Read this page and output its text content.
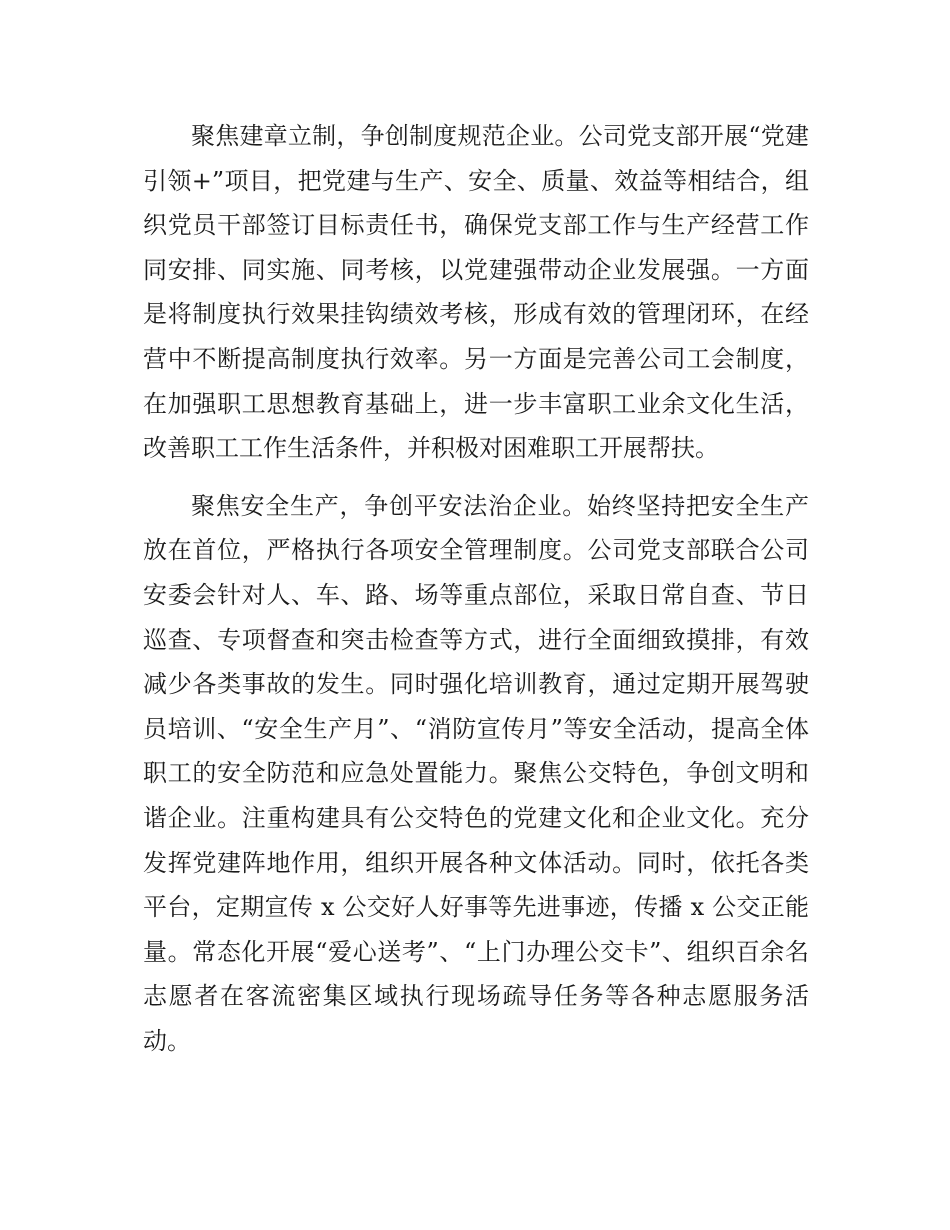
聚焦建章立制，争创制度规范企业。公司党支部开展“党建引领+”项目，把党建与生产、安全、质量、效益等相结合，组织党员干部签订目标责任书，确保党支部工作与生产经营工作同安排、同实施、同考核，以党建强带动企业发展强。一方面是将制度执行效果挂钩绩效考核，形成有效的管理闭环，在经营中不断提高制度执行效率。另一方面是完善公司工会制度，在加强职工思想教育基础上，进一步丰富职工业余文化生活，改善职工工作生活条件，并积极对困难职工开展帮扶。

聚焦安全生产，争创平安法治企业。始终坚持把安全生产放在首位，严格执行各项安全管理制度。公司党支部联合公司安委会针对人、车、路、场等重点部位，采取日常自查、节日巡查、专项督查和突击检查等方式，进行全面细致摸排，有效减少各类事故的发生。同时强化培训教育，通过定期开展驾驶员培训、“安全生产月”、“消防宣传月”等安全活动，提高全体职工的安全防范和应急处置能力。聚焦公交特色，争创文明和谐企业。注重构建具有公交特色的党建文化和企业文化。充分发挥党建阵地作用，组织开展各种文体活动。同时，依托各类平台，定期宣传 x 公交好人好事等先进事迹，传播 x 公交正能量。常态化开展“爱心送考”、“上门办理公交卡”、组织百余名志愿者在客流密集区域执行现场疏导任务等各种志愿服务活动。
